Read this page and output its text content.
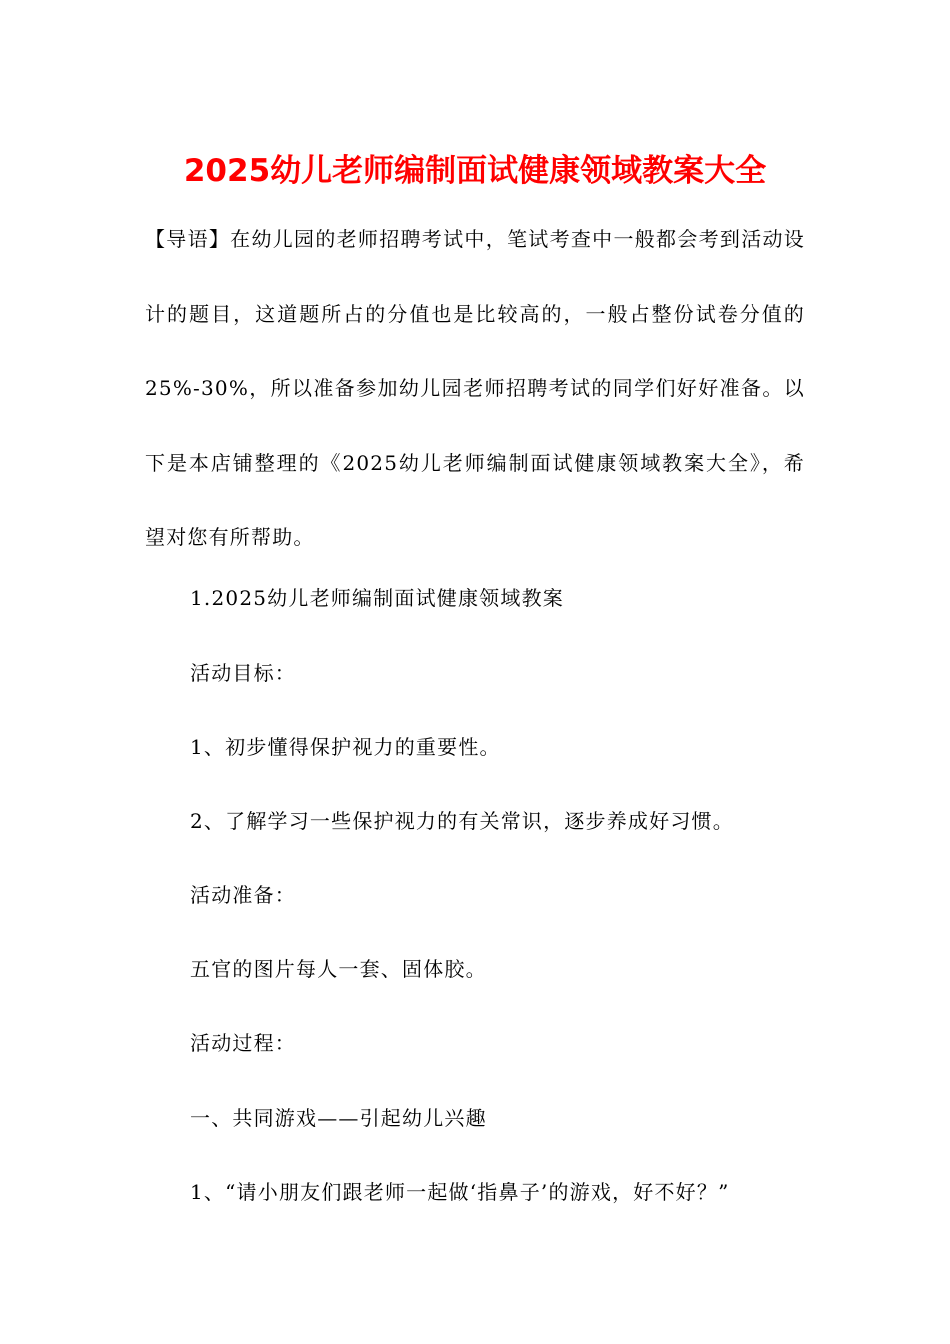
2025幼儿老师编制面试健康领域教案大全
【导语】在幼儿园的老师招聘考试中，笔试考查中一般都会考到活动设计的题目，这道题所占的分值也是比较高的，一般占整份试卷分值的25%-30%，所以准备参加幼儿园老师招聘考试的同学们好好准备。以下是本店铺整理的《2025幼儿老师编制面试健康领域教案大全》，希望对您有所帮助。
1.2025幼儿老师编制面试健康领域教案
活动目标：
1、初步懂得保护视力的重要性。
2、了解学习一些保护视力的有关常识，逐步养成好习惯。
活动准备：
五官的图片每人一套、固体胶。
活动过程：
一、共同游戏——引起幼儿兴趣
1、“请小朋友们跟老师一起做‘指鼻子’的游戏，好不好？”
